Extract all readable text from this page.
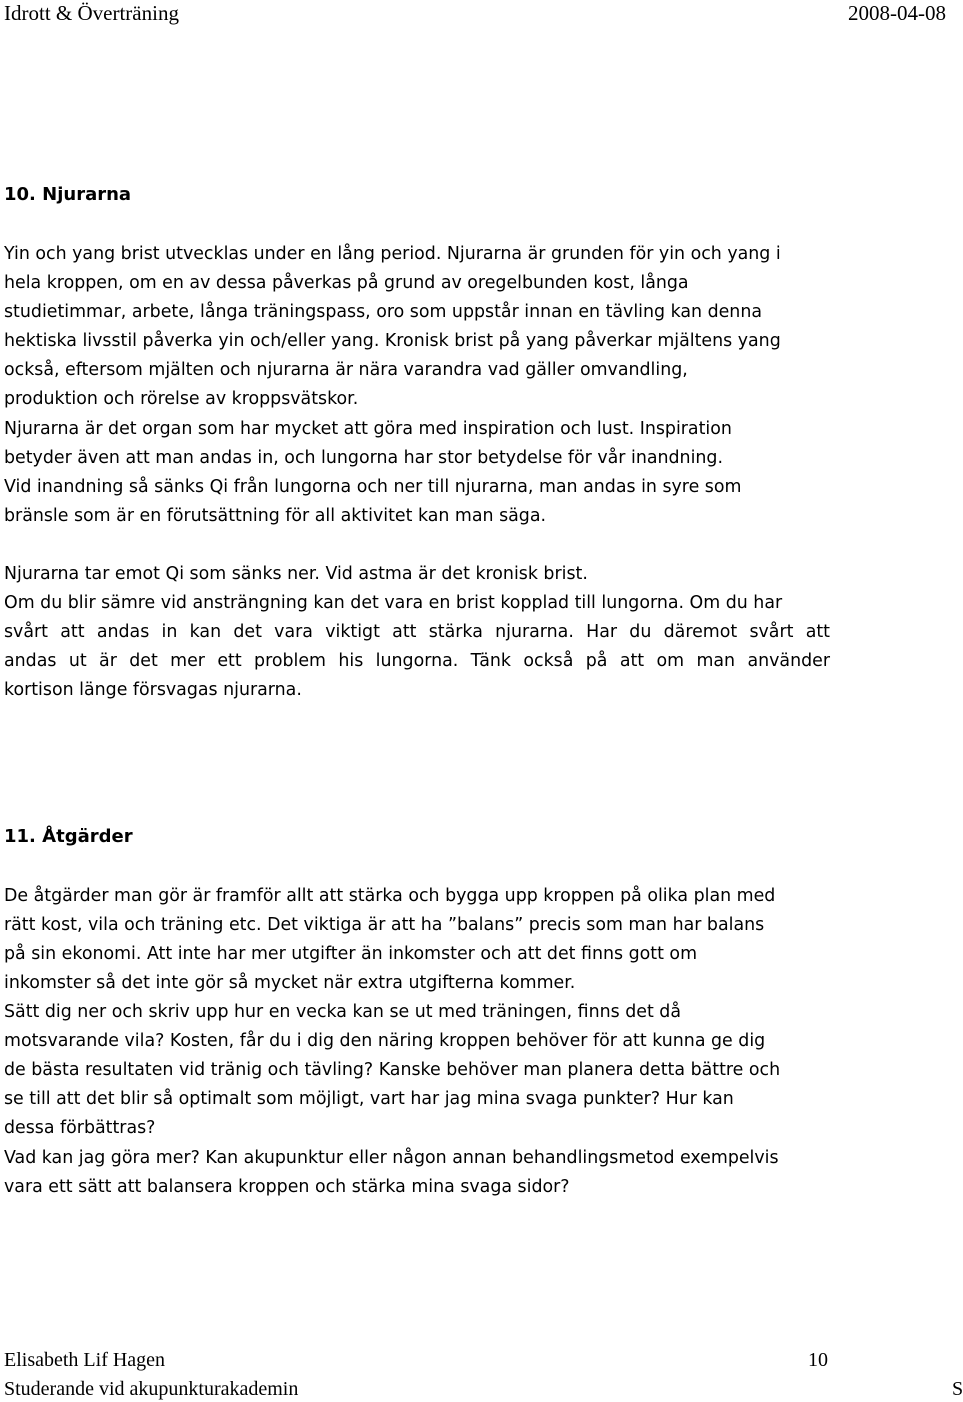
Idrott & Överträning	2008-04-08
10. Njurarna
Yin och yang brist utvecklas under en lång period. Njurarna är grunden för yin och yang i
hela kroppen, om en av dessa påverkas på grund av oregelbunden kost, långa
studietimmar, arbete, långa träningspass, oro som uppstår innan en tävling kan denna
hektiska livsstil påverka yin och/eller yang. Kronisk brist på yang påverkar mjältens yang
också, eftersom mjälten och njurarna är nära varandra vad gäller omvandling,
produktion och rörelse av kroppsvätskor.
Njurarna är det organ som har mycket att göra med inspiration och lust. Inspiration
betyder även att man andas in, och lungorna har stor betydelse för vår inandning.
Vid inandning så sänks Qi från lungorna och ner till njurarna, man andas in syre som
bränsle som är en förutsättning för all aktivitet kan man säga.
Njurarna tar emot Qi som sänks ner. Vid astma är det kronisk brist.
Om du blir sämre vid ansträngning kan det vara en brist kopplad till lungorna. Om du har
svårt att andas in kan det vara viktigt att stärka njurarna. Har du däremot svårt att
andas ut är det mer ett problem his lungorna. Tänk också på att om man använder
kortison länge försvagas njurarna.
11. Åtgärder
De åtgärder man gör är framför allt att stärka och bygga upp kroppen på olika plan med
rätt kost, vila och träning etc. Det viktiga är att ha ”balans” precis som man har balans
på sin ekonomi. Att inte har mer utgifter än inkomster och att det finns gott om
inkomster så det inte gör så mycket när extra utgifterna kommer.
Sätt dig ner och skriv upp hur en vecka kan se ut med träningen, finns det då
motsvarande vila? Kosten, får du i dig den näring kroppen behöver för att kunna ge dig
de bästa resultaten vid tränig och tävling? Kanske behöver man planera detta bättre och
se till att det blir så optimalt som möjligt, vart har jag mina svaga punkter? Hur kan
dessa förbättras?
Vad kan jag göra mer? Kan akupunktur eller någon annan behandlingsmetod exempelvis
vara ett sätt att balansera kroppen och stärka mina svaga sidor?
Elisabeth Lif Hagen	10
Studerande vid akupunkturakademin	S
